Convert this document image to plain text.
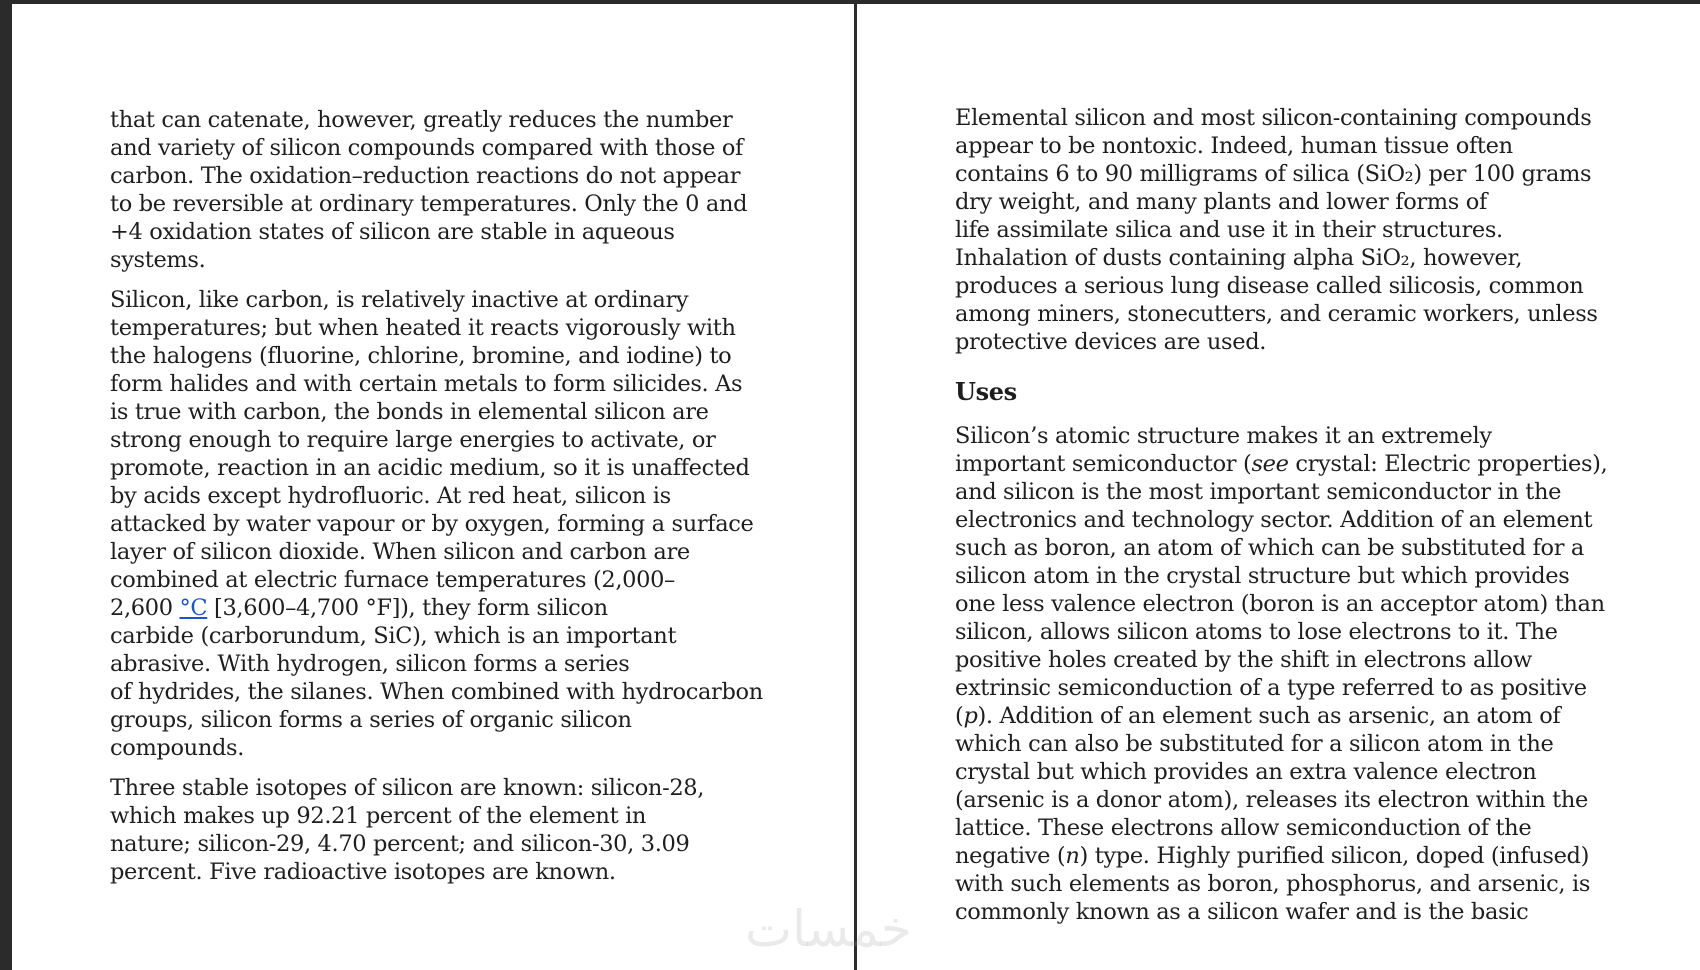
that can catenate, however, greatly reduces the number
and variety of silicon compounds compared with those of
carbon. The oxidation–reduction reactions do not appear
to be reversible at ordinary temperatures. Only the 0 and
+4 oxidation states of silicon are stable in aqueous
systems.

Silicon, like carbon, is relatively inactive at ordinary
temperatures; but when heated it reacts vigorously with
the halogens (fluorine, chlorine, bromine, and iodine) to
form halides and with certain metals to form silicides. As
is true with carbon, the bonds in elemental silicon are
strong enough to require large energies to activate, or
promote, reaction in an acidic medium, so it is unaffected
by acids except hydrofluoric. At red heat, silicon is
attacked by water vapour or by oxygen, forming a surface
layer of silicon dioxide. When silicon and carbon are
combined at electric furnace temperatures (2,000–
2,600 °C [3,600–4,700 °F]), they form silicon
carbide (carborundum, SiC), which is an important
abrasive. With hydrogen, silicon forms a series
of hydrides, the silanes. When combined with hydrocarbon
groups, silicon forms a series of organic silicon
compounds.

Three stable isotopes of silicon are known: silicon-28,
which makes up 92.21 percent of the element in
nature; silicon-29, 4.70 percent; and silicon-30, 3.09
percent. Five radioactive isotopes are known.

Elemental silicon and most silicon-containing compounds
appear to be nontoxic. Indeed, human tissue often
contains 6 to 90 milligrams of silica (SiO₂) per 100 grams
dry weight, and many plants and lower forms of
life assimilate silica and use it in their structures.
Inhalation of dusts containing alpha SiO₂, however,
produces a serious lung disease called silicosis, common
among miners, stonecutters, and ceramic workers, unless
protective devices are used.

Uses

Silicon’s atomic structure makes it an extremely
important semiconductor (see crystal: Electric properties),
and silicon is the most important semiconductor in the
electronics and technology sector. Addition of an element
such as boron, an atom of which can be substituted for a
silicon atom in the crystal structure but which provides
one less valence electron (boron is an acceptor atom) than
silicon, allows silicon atoms to lose electrons to it. The
positive holes created by the shift in electrons allow
extrinsic semiconduction of a type referred to as positive
(p). Addition of an element such as arsenic, an atom of
which can also be substituted for a silicon atom in the
crystal but which provides an extra valence electron
(arsenic is a donor atom), releases its electron within the
lattice. These electrons allow semiconduction of the
negative (n) type. Highly purified silicon, doped (infused)
with such elements as boron, phosphorus, and arsenic, is
commonly known as a silicon wafer and is the basic

خمسات
